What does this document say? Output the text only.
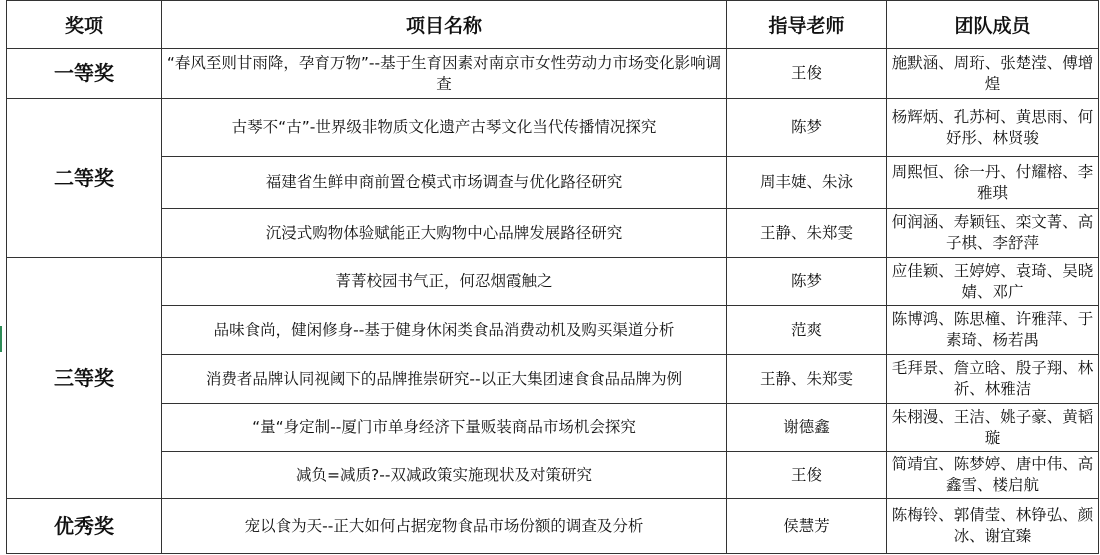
奖项	项目名称	指导老师	团队成员
一等奖	“春风至则甘雨降，孕育万物”--基于生育因素对南京市女性劳动力市场变化影响调查	王俊	施默涵、周珩、张楚滢、傅增煌
二等奖	古琴不“古”-世界级非物质文化遗产古琴文化当代传播情况探究	陈梦	杨辉炳、孔苏柯、黄思雨、何妤彤、林贤骏
	福建省生鲜申商前置仓模式市场调查与优化路径研究	周丰婕、朱泳	周熙恒、徐一丹、付耀榕、李雅琪
	沉浸式购物体验赋能正大购物中心品牌发展路径研究	王静、朱郑雯	何润涵、寿颖钰、栾文菁、高子棋、李舒萍
三等奖	菁菁校园书气正，何忍烟霞触之	陈梦	应佳颖、王婷婷、袁琦、吴晓婧、邓广
	品味食尚，健闲修身--基于健身休闲类食品消费动机及购买渠道分析	范爽	陈博鸿、陈思橦、许雅萍、于素琦、杨若禺
	消费者品牌认同视阈下的品牌推崇研究--以正大集团速食食品品牌为例	王静、朱郑雯	毛拜景、詹立晗、殷子翔、林祈、林雅洁
	“量“身定制--厦门市单身经济下量贩装商品市场机会探究	谢德鑫	朱栩漫、王洁、姚子豪、黄韬璇
	减负=减质?--双减政策实施现状及对策研究	王俊	简靖宜、陈梦婷、唐中伟、高鑫雪、楼启航
优秀奖	宠以食为天--正大如何占据宠物食品市场份额的调查及分析	侯慧芳	陈梅铃、郭倩莹、林铮弘、颜冰、谢宜臻
